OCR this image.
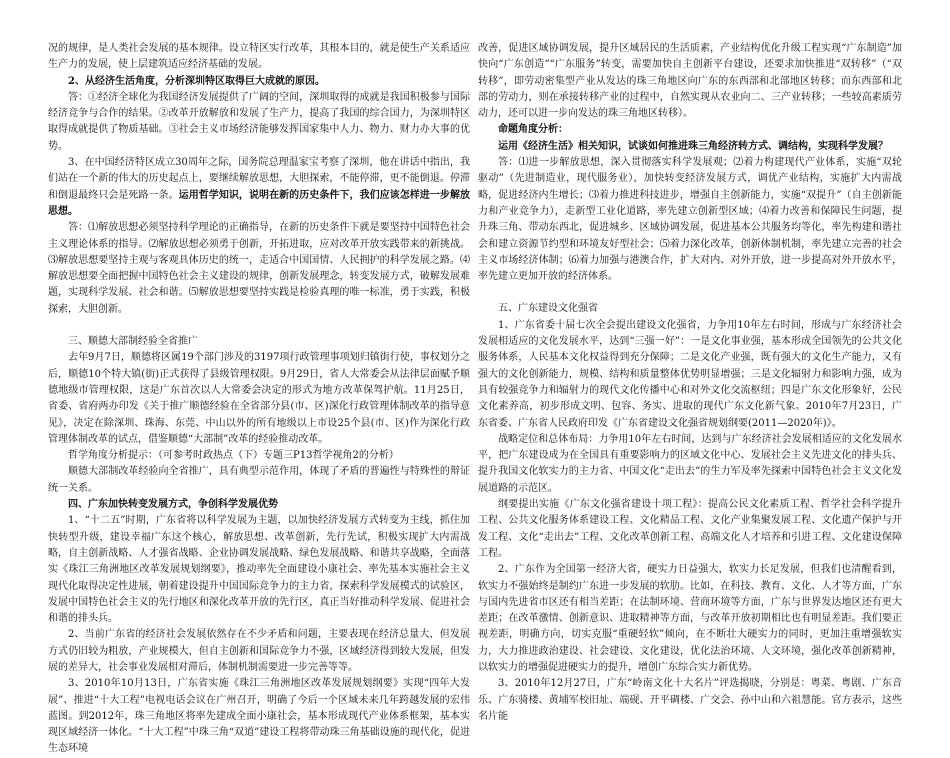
况的规律，是人类社会发展的基本规律。设立特区实行改革，其根本目的，就是使生产关系适应生产力的发展，使上层建筑适应经济基础的发展。

2、从经济生活角度，分析深圳特区取得巨大成就的原因。

答：①经济全球化为我国经济发展提供了广阔的空间，深圳取得的成就是我国积极参与国际经济竞争与合作的结果。②改革开放解放和发展了生产力，提高了我国的综合国力，为深圳特区取得成就提供了物质基础。③社会主义市场经济能够发挥国家集中人力、物力、财力办大事的优势。

3、在中国经济特区成立30周年之际，国务院总理温家宝考察了深圳，他在讲话中指出，我们站在一个新的伟大的历史起点上，要继续解放思想，大胆探索，不能停滞，更不能倒退。停滞和倒退最终只会是死路一条。运用哲学知识，说明在新的历史条件下，我们应该怎样进一步解放思想。

答：⑴解放思想必须坚持科学理论的正确指导，在新的历史条件下就是要坚持中国特色社会主义理论体系的指导。⑵解放思想必须勇于创新，开拓进取，应对改革开放实践带来的新挑战。⑶解放思想要坚持主观与客观具体历史的统一，走适合中国国情、人民拥护的科学发展之路。⑷解放思想要全面把握中国特色社会主义建设的规律，创新发展理念，转变发展方式，破解发展难题，实现科学发展、社会和谐。⑸解放思想要坚持实践是检验真理的唯一标准，勇于实践，积极探索，大胆创新。

三、顺德大部制经验全省推广

去年9月7日，顺德将区属19个部门涉及的3197项行政管理事项划归镇街行使，事权划分之后，顺德10个特大镇(街)正式获得了县级管理权限。9月29日，省人大常委会从法律层面赋予顺德地级市管理权限，这是广东首次以人大常委会决定的形式为地方改革保驾护航。11月25日，省委、省府两办印发《关于推广顺德经验在全省部分县(市、区)深化行政管理体制改革的指导意见》，决定在除深圳、珠海、东莞、中山以外的所有地级以上市设25个县(市、区)作为深化行政管理体制改革的试点，借鉴顺德“大部制”改革的经验推动改革。

哲学角度分析提示：（可参考时政热点（下）专题三P13哲学视角2的分析）

顺德大部制改革经验向全省推广，具有典型示范作用，体现了矛盾的普遍性与特殊性的辩证统一关系。

四、广东加快转变发展方式，争创科学发展优势

1、“十二五”时期，广东省将以科学发展为主题，以加快经济发展方式转变为主线，抓住加快转型升级，建设幸福广东这个核心，解放思想、改革创新，先行先试，积极实现扩大内需战略，自主创新战略、人才强省战略、企业协调发展战略、绿色发展战略、和谐共享战略，全面落实《珠江三角洲地区改革发展规划纲要》，推动率先全面建设小康社会、率先基本实施社会主义现代化取得决定性进展，朝着建设提升中国国际竞争力的主力省，探索科学发展模式的试验区，发展中国特色社会主义的先行地区和深化改革开放的先行区，真正当好推动科学发展、促进社会和谐的排头兵。

2、当前广东省的经济社会发展依然存在不少矛盾和问题，主要表现在经济总量大，但发展方式仍旧较为粗放，产业规模大，但自主创新和国际竞争力不强，区域经济得到较大发展，但发展的差异大，社会事业发展相对滞后，体制机制需要进一步完善等等。

3、2010年10月13日，广东省实施《珠江三角洲地区改革发展规划纲要》实现“四年大发展”、推进“十大工程”电视电话会议在广州召开，明确了今后一个区域未来几年跨越发展的宏伟蓝图。到2012年，珠三角地区将率先建成全面小康社会，基本形成现代产业体系框架，基本实现区域经济一体化。“十大工程”中珠三角“双道”建设工程将带动珠三角基础设施的现代化，促进生态环境

改善，促进区域协调发展，提升区域居民的生活质素，产业结构优化升级工程实现“广东制造”加快向“广东创造”“广东服务”转变，需要加快自主创新平台建设，还要求加快推进“双转移”（“双转移”，即劳动密集型产业从发达的珠三角地区向广东的东西部和北部地区转移；而东西部和北部的劳动力，则在承接转移产业的过程中，自然实现从农业向二、三产业转移；一些较高素质劳动力，还可以进一步向发达的珠三角地区转移）。

命题角度分析：

运用《经济生活》相关知识，试谈如何推进珠三角经济转方式、调结构，实现科学发展？

答：⑴进一步解放思想，深入贯彻落实科学发展观；⑵着力构建现代产业体系，实施“双轮驱动”（先进制造业，现代服务业），加快转变经济发展方式，调优产业结构，实施扩大内需战略，促进经济内生增长；⑶着力推进科技进步，增强自主创新能力，实施“双提升”（自主创新能力和产业竞争力），走新型工业化道路，率先建立创新型区域；⑷着力改善和保障民生问题，提升珠三角、带动东西北，促进城乡、区域协调发展，促进基本公共服务均等化，率先构建和谐社会和建立资源节约型和环境友好型社会；⑸着力深化改革，创新体制机制，率先建立完善的社会主义市场经济体制；⑹着力加强与港澳合作，扩大对内、对外开放，进一步提高对外开放水平，率先建立更加开放的经济体系。

五、广东建设文化强省

1、广东省委十届七次全会提出建设文化强省，力争用10年左右时间，形成与广东经济社会发展相适应的文化发展水平，达到“三强一好”：一是文化事业强，基本形成全国领先的公共文化服务体系，人民基本文化权益得到充分保障；二是文化产业强，既有强大的文化生产能力，又有强大的文化创新能力，规模、结构和质量整体优势明显增强；三是文化辐射力和影响力强，成为具有较强竞争力和辐射力的现代文化传播中心和对外文化交流枢纽；四是广东文化形象好，公民文化素养高，初步形成文明、包容、务实、进取的现代广东文化新气象。2010年7月23日，广东省委、广东省人民政府印发《广东省建设文化强省规划纲要(2011—2020年)》。

战略定位和总体布局：力争用10年左右时间，达到与广东经济社会发展相适应的文化发展水平，把广东建设成为在全国具有重要影响力的区域文化中心、发展社会主义先进文化的排头兵、提升我国文化软实力的主力省、中国文化“走出去”的生力军及率先探索中国特色社会主义文化发展道路的示范区。

纲要提出实施《广东文化强省建设十项工程》：提高公民文化素质工程、哲学社会科学提升工程、公共文化服务体系建设工程、文化精品工程、文化产业集聚发展工程、文化遗产保护与开发工程、文化“走出去”工程、文化改革创新工程、高端文化人才培养和引进工程、文化建设保障工程。

2、广东作为全国第一经济大省，硬实力日益强大，软实力长足发展，但我们也清醒看到，软实力不强始终是制约广东进一步发展的软肋。比如，在科技、教育、文化、人才等方面，广东与国内先进省市区还有相当差距；在法制环境、营商环境等方面，广东与世界发达地区还有更大差距；在改革激情、创新意识、进取精神等方面，与改革开放初期相比也有明显差距。我们要正视差距，明确方向，切实克服“重硬轻软”倾向，在不断壮大硬实力的同时，更加注重增强软实力，大力推进政治建设、社会建设、文化建设，优化法治环境、人文环境，强化改革创新精神，以软实力的增强促进硬实力的提升，增创广东综合实力新优势。

3、2010年12月27日，广东“岭南文化十大名片”评选揭晓，分别是：粤菜、粤剧、广东音乐、广东骑楼、黄埔军校旧址、端砚、开平碉楼、广交会、孙中山和六祖慧能。官方表示，这些名片能
